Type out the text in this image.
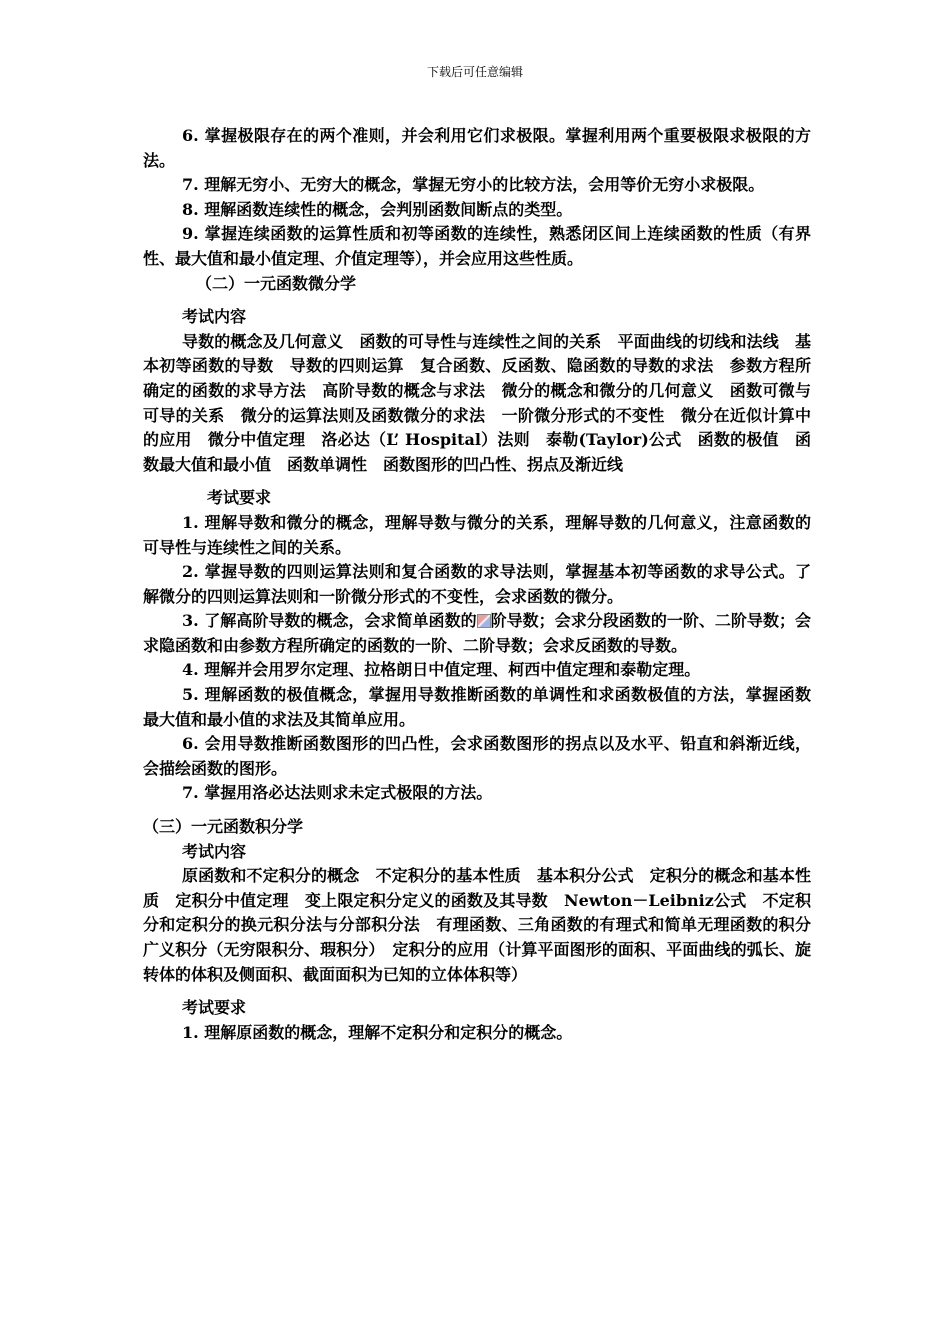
下载后可任意编辑

6. 掌握极限存在的两个准则，并会利用它们求极限。掌握利用两个重要极限求极限的方法。

7. 理解无穷小、无穷大的概念，掌握无穷小的比较方法，会用等价无穷小求极限。

8. 理解函数连续性的概念，会判别函数间断点的类型。

9. 掌握连续函数的运算性质和初等函数的连续性，熟悉闭区间上连续函数的性质（有界性、最大值和最小值定理、介值定理等），并会应用这些性质。

（二）一元函数微分学

考试内容

导数的概念及几何意义　函数的可导性与连续性之间的关系　平面曲线的切线和法线　基本初等函数的导数　导数的四则运算　复合函数、反函数、隐函数的导数的求法　参数方程所确定的函数的求导方法　高阶导数的概念与求法　微分的概念和微分的几何意义　函数可微与可导的关系　微分的运算法则及函数微分的求法　一阶微分形式的不变性　微分在近似计算中的应用　微分中值定理　洛必达（L’ Hospital）法则　泰勒(Taylor)公式　函数的极值　函数最大值和最小值　函数单调性　函数图形的凹凸性、拐点及渐近线

考试要求

1. 理解导数和微分的概念，理解导数与微分的关系，理解导数的几何意义，注意函数的可导性与连续性之间的关系。

2. 掌握导数的四则运算法则和复合函数的求导法则，掌握基本初等函数的求导公式。了解微分的四则运算法则和一阶微分形式的不变性，会求函数的微分。

3. 了解高阶导数的概念，会求简单函数的 阶导数；会求分段函数的一阶、二阶导数；会求隐函数和由参数方程所确定的函数的一阶、二阶导数；会求反函数的导数。

4. 理解并会用罗尔定理、拉格朗日中值定理、柯西中值定理和泰勒定理。

5. 理解函数的极值概念，掌握用导数推断函数的单调性和求函数极值的方法，掌握函数最大值和最小值的求法及其简单应用。

6. 会用导数推断函数图形的凹凸性，会求函数图形的拐点以及水平、铅直和斜渐近线，会描绘函数的图形。

7. 掌握用洛必达法则求未定式极限的方法。

（三）一元函数积分学

考试内容

原函数和不定积分的概念　不定积分的基本性质　基本积分公式　定积分的概念和基本性质　定积分中值定理　变上限定积分定义的函数及其导数　Newton－Leibniz公式　不定积分和定积分的换元积分法与分部积分法　有理函数、三角函数的有理式和简单无理函数的积分　广义积分（无穷限积分、瑕积分）　定积分的应用（计算平面图形的面积、平面曲线的弧长、旋转体的体积及侧面积、截面面积为已知的立体体积等）

考试要求

1. 理解原函数的概念，理解不定积分和定积分的概念。
